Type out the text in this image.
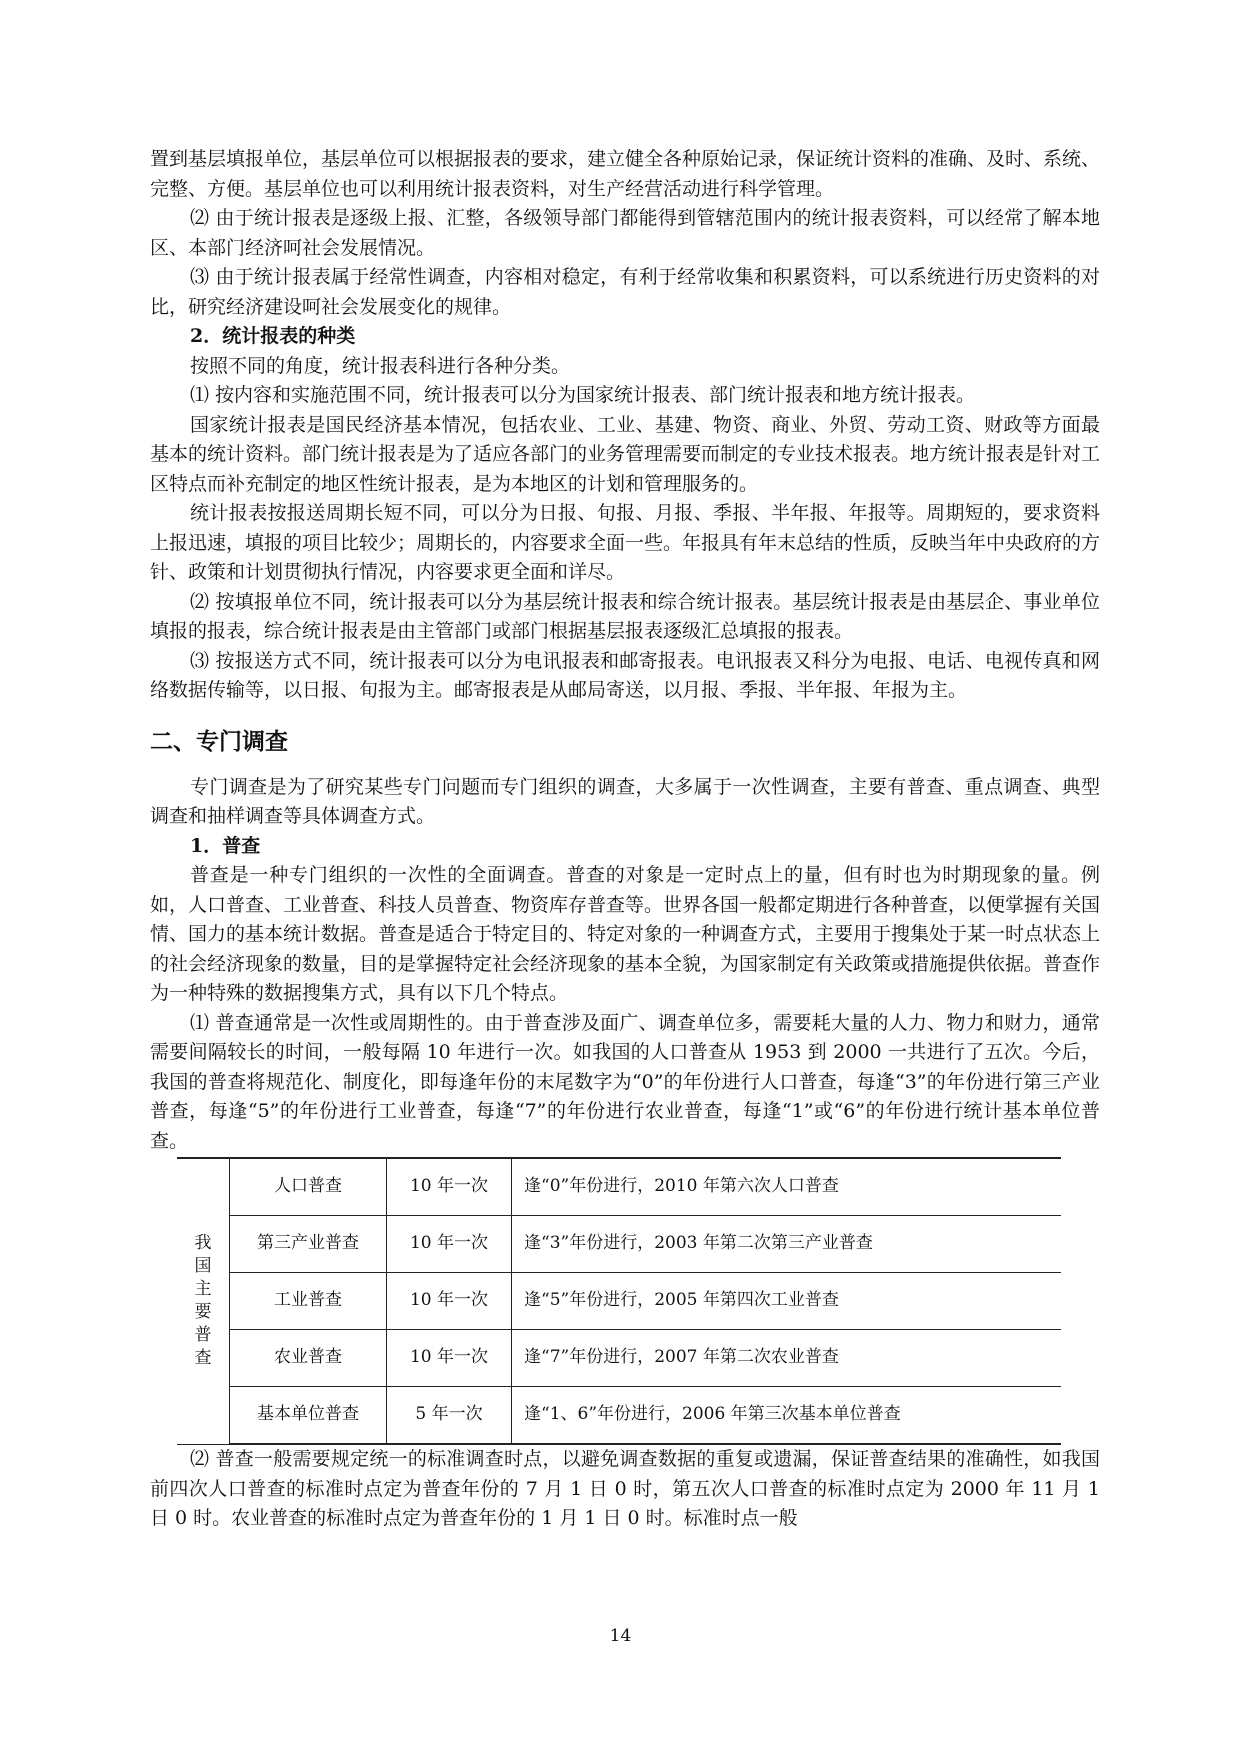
置到基层填报单位，基层单位可以根据报表的要求，建立健全各种原始记录，保证统计资料的准确、及时、系统、完整、方便。基层单位也可以利用统计报表资料，对生产经营活动进行科学管理。

⑵ 由于统计报表是逐级上报、汇整，各级领导部门都能得到管辖范围内的统计报表资料，可以经常了解本地区、本部门经济呵社会发展情况。

⑶ 由于统计报表属于经常性调查，内容相对稳定，有利于经常收集和积累资料，可以系统进行历史资料的对比，研究经济建设呵社会发展变化的规律。

2．统计报表的种类

按照不同的角度，统计报表科进行各种分类。

⑴ 按内容和实施范围不同，统计报表可以分为国家统计报表、部门统计报表和地方统计报表。

国家统计报表是国民经济基本情况，包括农业、工业、基建、物资、商业、外贸、劳动工资、财政等方面最基本的统计资料。部门统计报表是为了适应各部门的业务管理需要而制定的专业技术报表。地方统计报表是针对工区特点而补充制定的地区性统计报表，是为本地区的计划和管理服务的。

统计报表按报送周期长短不同，可以分为日报、旬报、月报、季报、半年报、年报等。周期短的，要求资料上报迅速，填报的项目比较少；周期长的，内容要求全面一些。年报具有年末总结的性质，反映当年中央政府的方针、政策和计划贯彻执行情况，内容要求更全面和详尽。

⑵ 按填报单位不同，统计报表可以分为基层统计报表和综合统计报表。基层统计报表是由基层企、事业单位填报的报表，综合统计报表是由主管部门或部门根据基层报表逐级汇总填报的报表。

⑶ 按报送方式不同，统计报表可以分为电讯报表和邮寄报表。电讯报表又科分为电报、电话、电视传真和网络数据传输等，以日报、旬报为主。邮寄报表是从邮局寄送，以月报、季报、半年报、年报为主。

二、专门调查

专门调查是为了研究某些专门问题而专门组织的调查，大多属于一次性调查，主要有普查、重点调查、典型调查和抽样调查等具体调查方式。

1．普查

普查是一种专门组织的一次性的全面调查。普查的对象是一定时点上的量，但有时也为时期现象的量。例如，人口普查、工业普查、科技人员普查、物资库存普查等。世界各国一般都定期进行各种普查，以便掌握有关国情、国力的基本统计数据。普查是适合于特定目的、特定对象的一种调查方式，主要用于搜集处于某一时点状态上的社会经济现象的数量，目的是掌握特定社会经济现象的基本全貌，为国家制定有关政策或措施提供依据。普查作为一种特殊的数据搜集方式，具有以下几个特点。

⑴ 普查通常是一次性或周期性的。由于普查涉及面广、调查单位多，需要耗大量的人力、物力和财力，通常需要间隔较长的时间，一般每隔 10 年进行一次。如我国的人口普查从 1953 到 2000 一共进行了五次。今后，我国的普查将规范化、制度化，即每逢年份的末尾数字为“0”的年份进行人口普查，每逢“3”的年份进行第三产业普查，每逢“5”的年份进行工业普查，每逢“7”的年份进行农业普查，每逢“1”或“6”的年份进行统计基本单位普查。

我国主要普查	人口普查	10 年一次	逢“0”年份进行，2010 年第六次人口普查
	第三产业普查	10 年一次	逢“3”年份进行，2003 年第二次第三产业普查
	工业普查	10 年一次	逢“5”年份进行，2005 年第四次工业普查
	农业普查	10 年一次	逢“7”年份进行，2007 年第二次农业普查
	基本单位普查	5 年一次	逢“1、6”年份进行，2006 年第三次基本单位普查

⑵ 普查一般需要规定统一的标准调查时点，以避免调查数据的重复或遗漏，保证普查结果的准确性，如我国前四次人口普查的标准时点定为普查年份的 7 月 1 日 0 时，第五次人口普查的标准时点定为 2000 年 11 月 1 日 0 时。农业普查的标准时点定为普查年份的 1 月 1 日 0 时。标准时点一般

14
